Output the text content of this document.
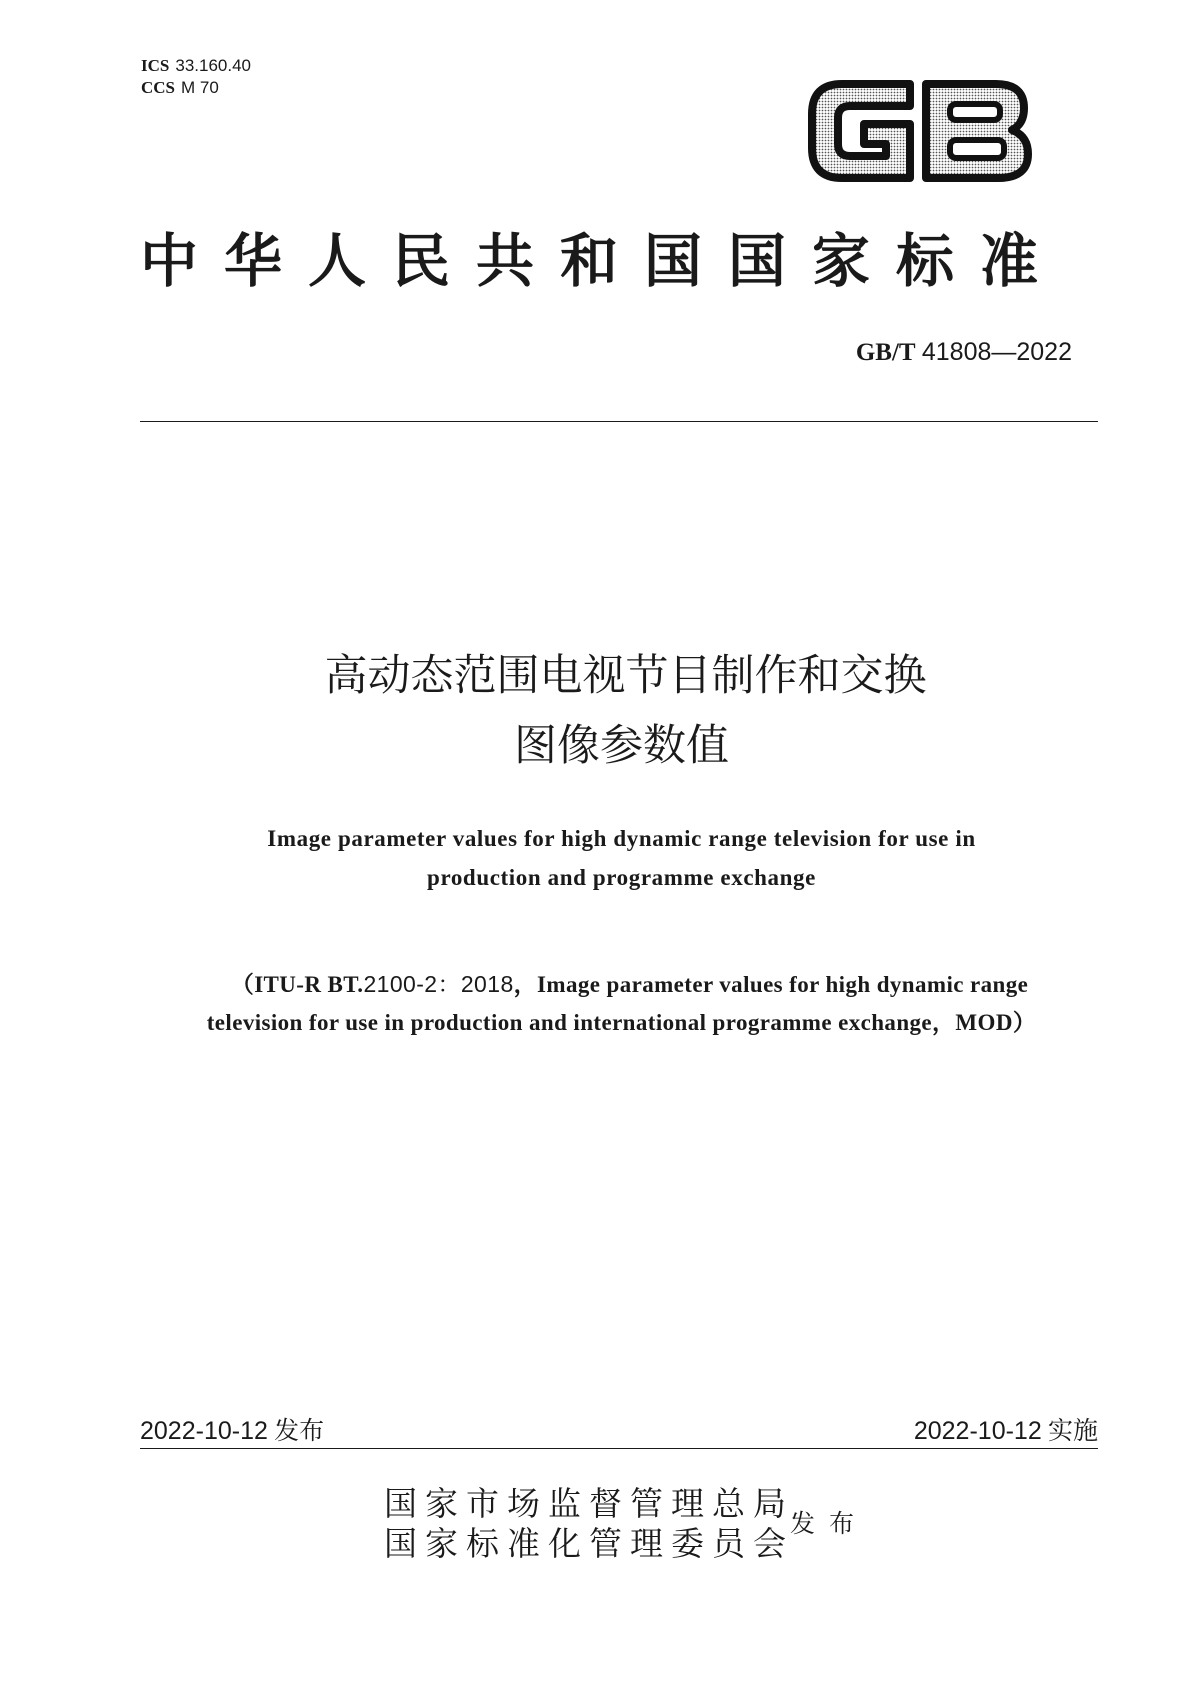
ICS 33.160.40
CCS M 70
中华人民共和国国家标准
GB/T 41808—2022
高动态范围电视节目制作和交换
图像参数值
Image parameter values for high dynamic range television for use in
production and programme exchange
（ITU-R BT.2100-2：2018，Image parameter values for high dynamic range
television for use in production and international programme exchange，MOD）
2022-10-12 发布	2022-10-12 实施
国家市场监督管理总局
国家标准化管理委员会
发布
